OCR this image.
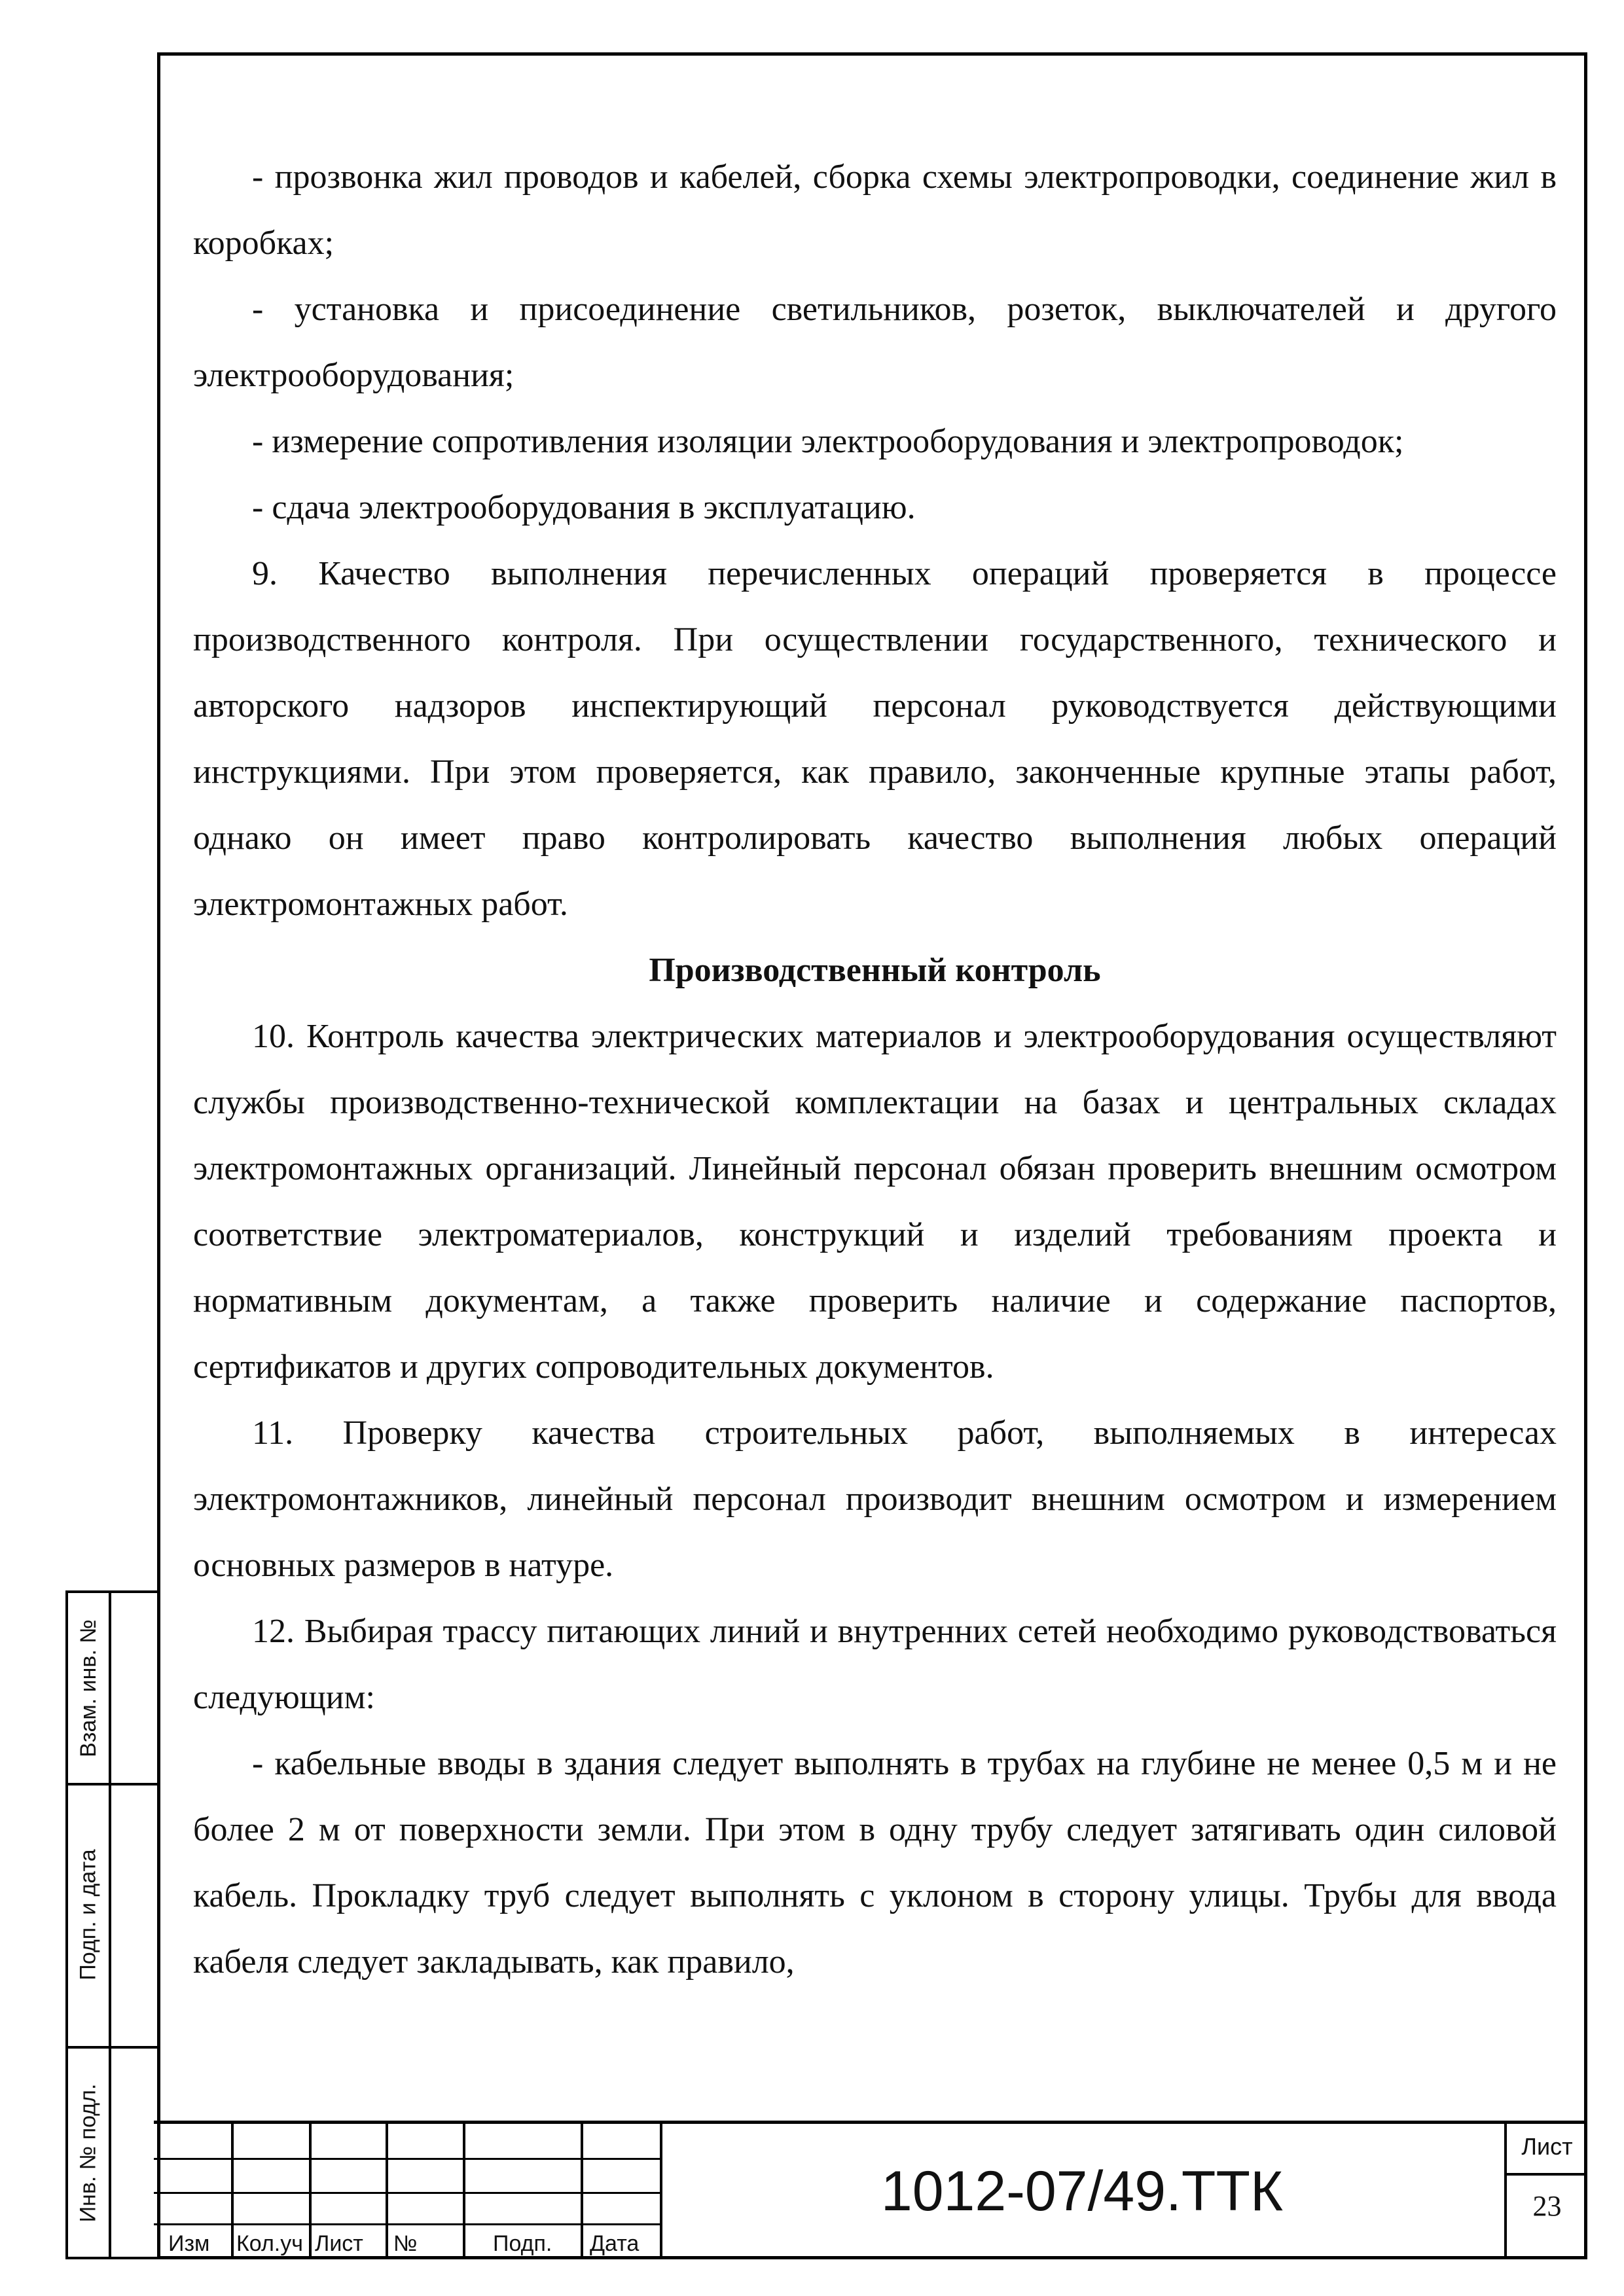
- прозвонка жил проводов и кабелей, сборка схемы электропроводки, соединение жил в коробках;

- установка и присоединение светильников, розеток, выключателей и другого электрооборудования;

- измерение сопротивления изоляции электрооборудования и электропроводок;

- сдача электрооборудования в эксплуатацию.

9. Качество выполнения перечисленных операций проверяется в процессе производственного контроля. При осуществлении государственного, технического и авторского надзоров инспектирующий персонал руководствуется действующими инструкциями. При этом проверяется, как правило, законченные крупные этапы работ, однако он имеет право контролировать качество выполнения любых операций электромонтажных работ.

Производственный контроль

10. Контроль качества электрических материалов и электрооборудования осуществляют службы производственно-технической комплектации на базах и центральных складах электромонтажных организаций. Линейный персонал обязан проверить внешним осмотром соответствие электроматериалов, конструкций и изделий требованиям проекта и нормативным документам, а также проверить наличие и содержание паспортов, сертификатов и других сопроводительных документов.

11. Проверку качества строительных работ, выполняемых в интересах электромонтажников, линейный персонал производит внешним осмотром и измерением основных размеров в натуре.

12. Выбирая трассу питающих линий и внутренних сетей необходимо руководствоваться следующим:

- кабельные вводы в здания следует выполнять в трубах на глубине не менее 0,5 м и не более 2 м от поверхности земли. При этом в одну трубу следует затягивать один силовой кабель. Прокладку труб следует выполнять с уклоном в сторону улицы. Трубы для ввода кабеля следует закладывать, как правило,

Взам. инв. №
Подп. и дата
Инв. № подл.
Изм Кол.уч Лист №	Подп. Дата
1012-07/49.ТТК
Лист
23
